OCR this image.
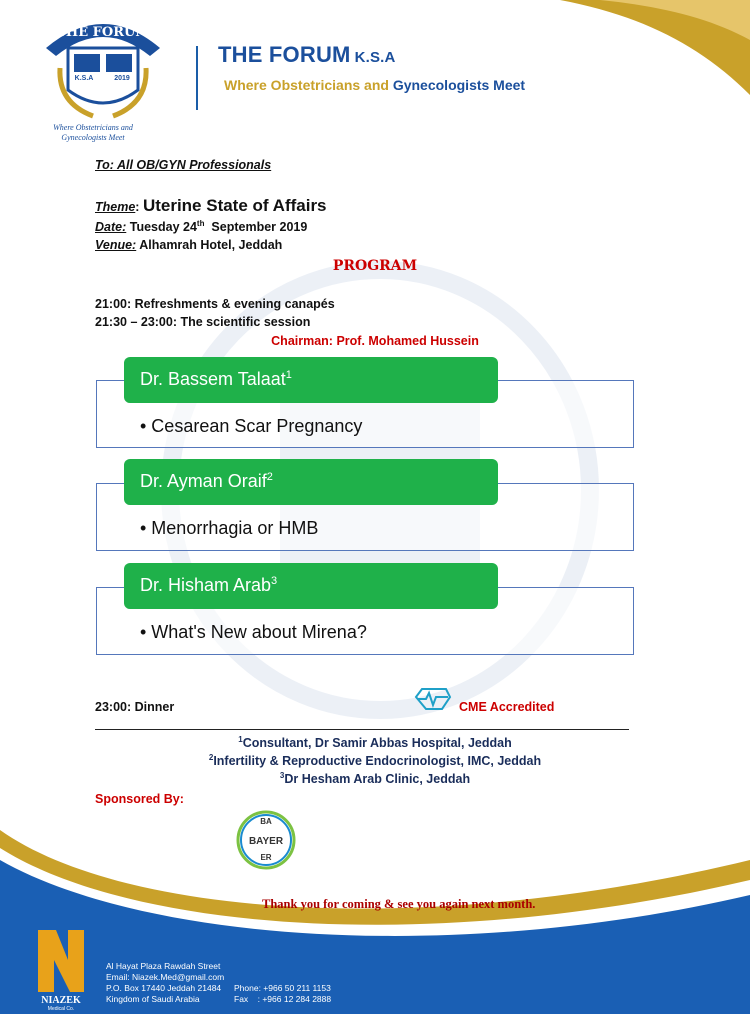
THE FORUM
K.S.A	2019
Where Obstetricians and
Gynecologists Meet
THE FORUM K.S.A
Where Obstetricians and Gynecologists Meet
To: All OB/GYN Professionals
Theme: Uterine State of Affairs
Date: Tuesday 24th  September 2019
Venue: Alhamrah Hotel, Jeddah
PROGRAM
21:00: Refreshments & evening canapés
21:30 – 23:00: The scientific session
Chairman: Prof. Mohamed Hussein
Dr. Bassem Talaat$^1$
• Cesarean Scar Pregnancy
Dr. Ayman Oraif$^2$
• Menorrhagia or HMB
Dr. Hisham Arab$^3$
• What's New about Mirena?
23:00: Dinner	CME Accredited
$^1$Consultant, Dr Samir Abbas Hospital, Jeddah
$^2$Infertility & Reproductive Endocrinologist, IMC, Jeddah
$^3$Dr Hesham Arab Clinic, Jeddah
Sponsored By:
BA
BAYER
ER
Thank you for coming & see you again next month.
NIAZEK
Medical Co.
Al Hayat Plaza Rawdah Street
Email: Niazek.Med@gmail.com
P.O. Box 17440 Jeddah 21484
Kingdom of Saudi Arabia
Phone: +966 50 211 1153
Fax    : +966 12 284 2888
